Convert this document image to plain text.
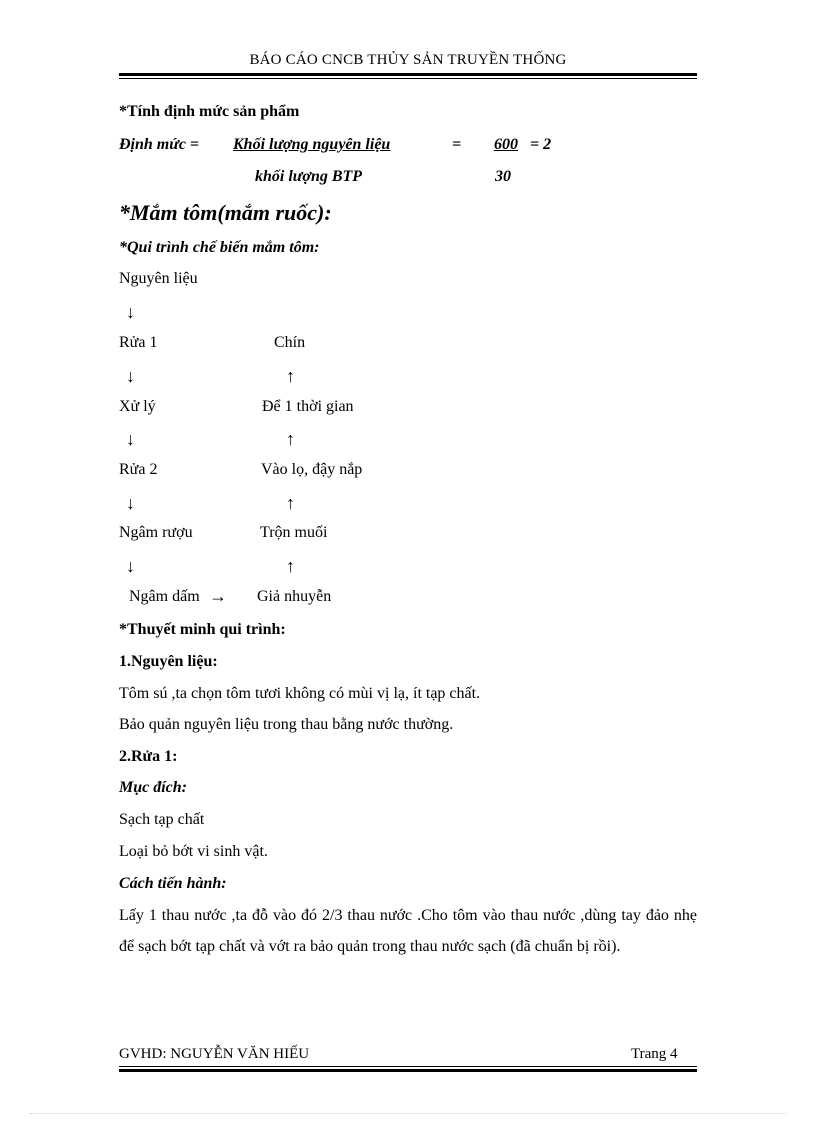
BÁO CÁO CNCB THỦY SẢN TRUYỀN THỐNG
*Tính định mức sản phẩm
Định mức = Khối lượng nguyên liệu	=	600 = 2
khối lượng BTP	30
*Mắm tôm(mắm ruốc):
*Qui trình chế biến mắm tôm:
Nguyên liệu
↓
Rửa 1
↓
Xử lý
↓
Rửa 2
↓
Ngâm rượu
↓
Ngâm dấm →
Chín
↑
Để 1 thời gian
↑
Vào lọ, đậy nắp
↑
Trộn muối
↑
Giả nhuyễn
*Thuyết minh qui trình:
1.Nguyên liệu:
Tôm sú ,ta chọn tôm tươi không có mùi vị lạ, ít tạp chất.
Bảo quản nguyên liệu trong thau bằng nước thường.
2.Rửa 1:
Mục đích:
Sạch tạp chất
Loại bỏ bớt vi sinh vật.
Cách tiến hành:
Lấy 1 thau nước ,ta đỗ vào đó 2/3 thau nước .Cho tôm vào thau nước ,dùng tay đảo nhẹ để sạch bớt tạp chất và vớt ra bảo quản trong thau nước sạch (đã chuẩn bị rồi).
GVHD: NGUYỄN VĂN HIẾU	Trang 4
